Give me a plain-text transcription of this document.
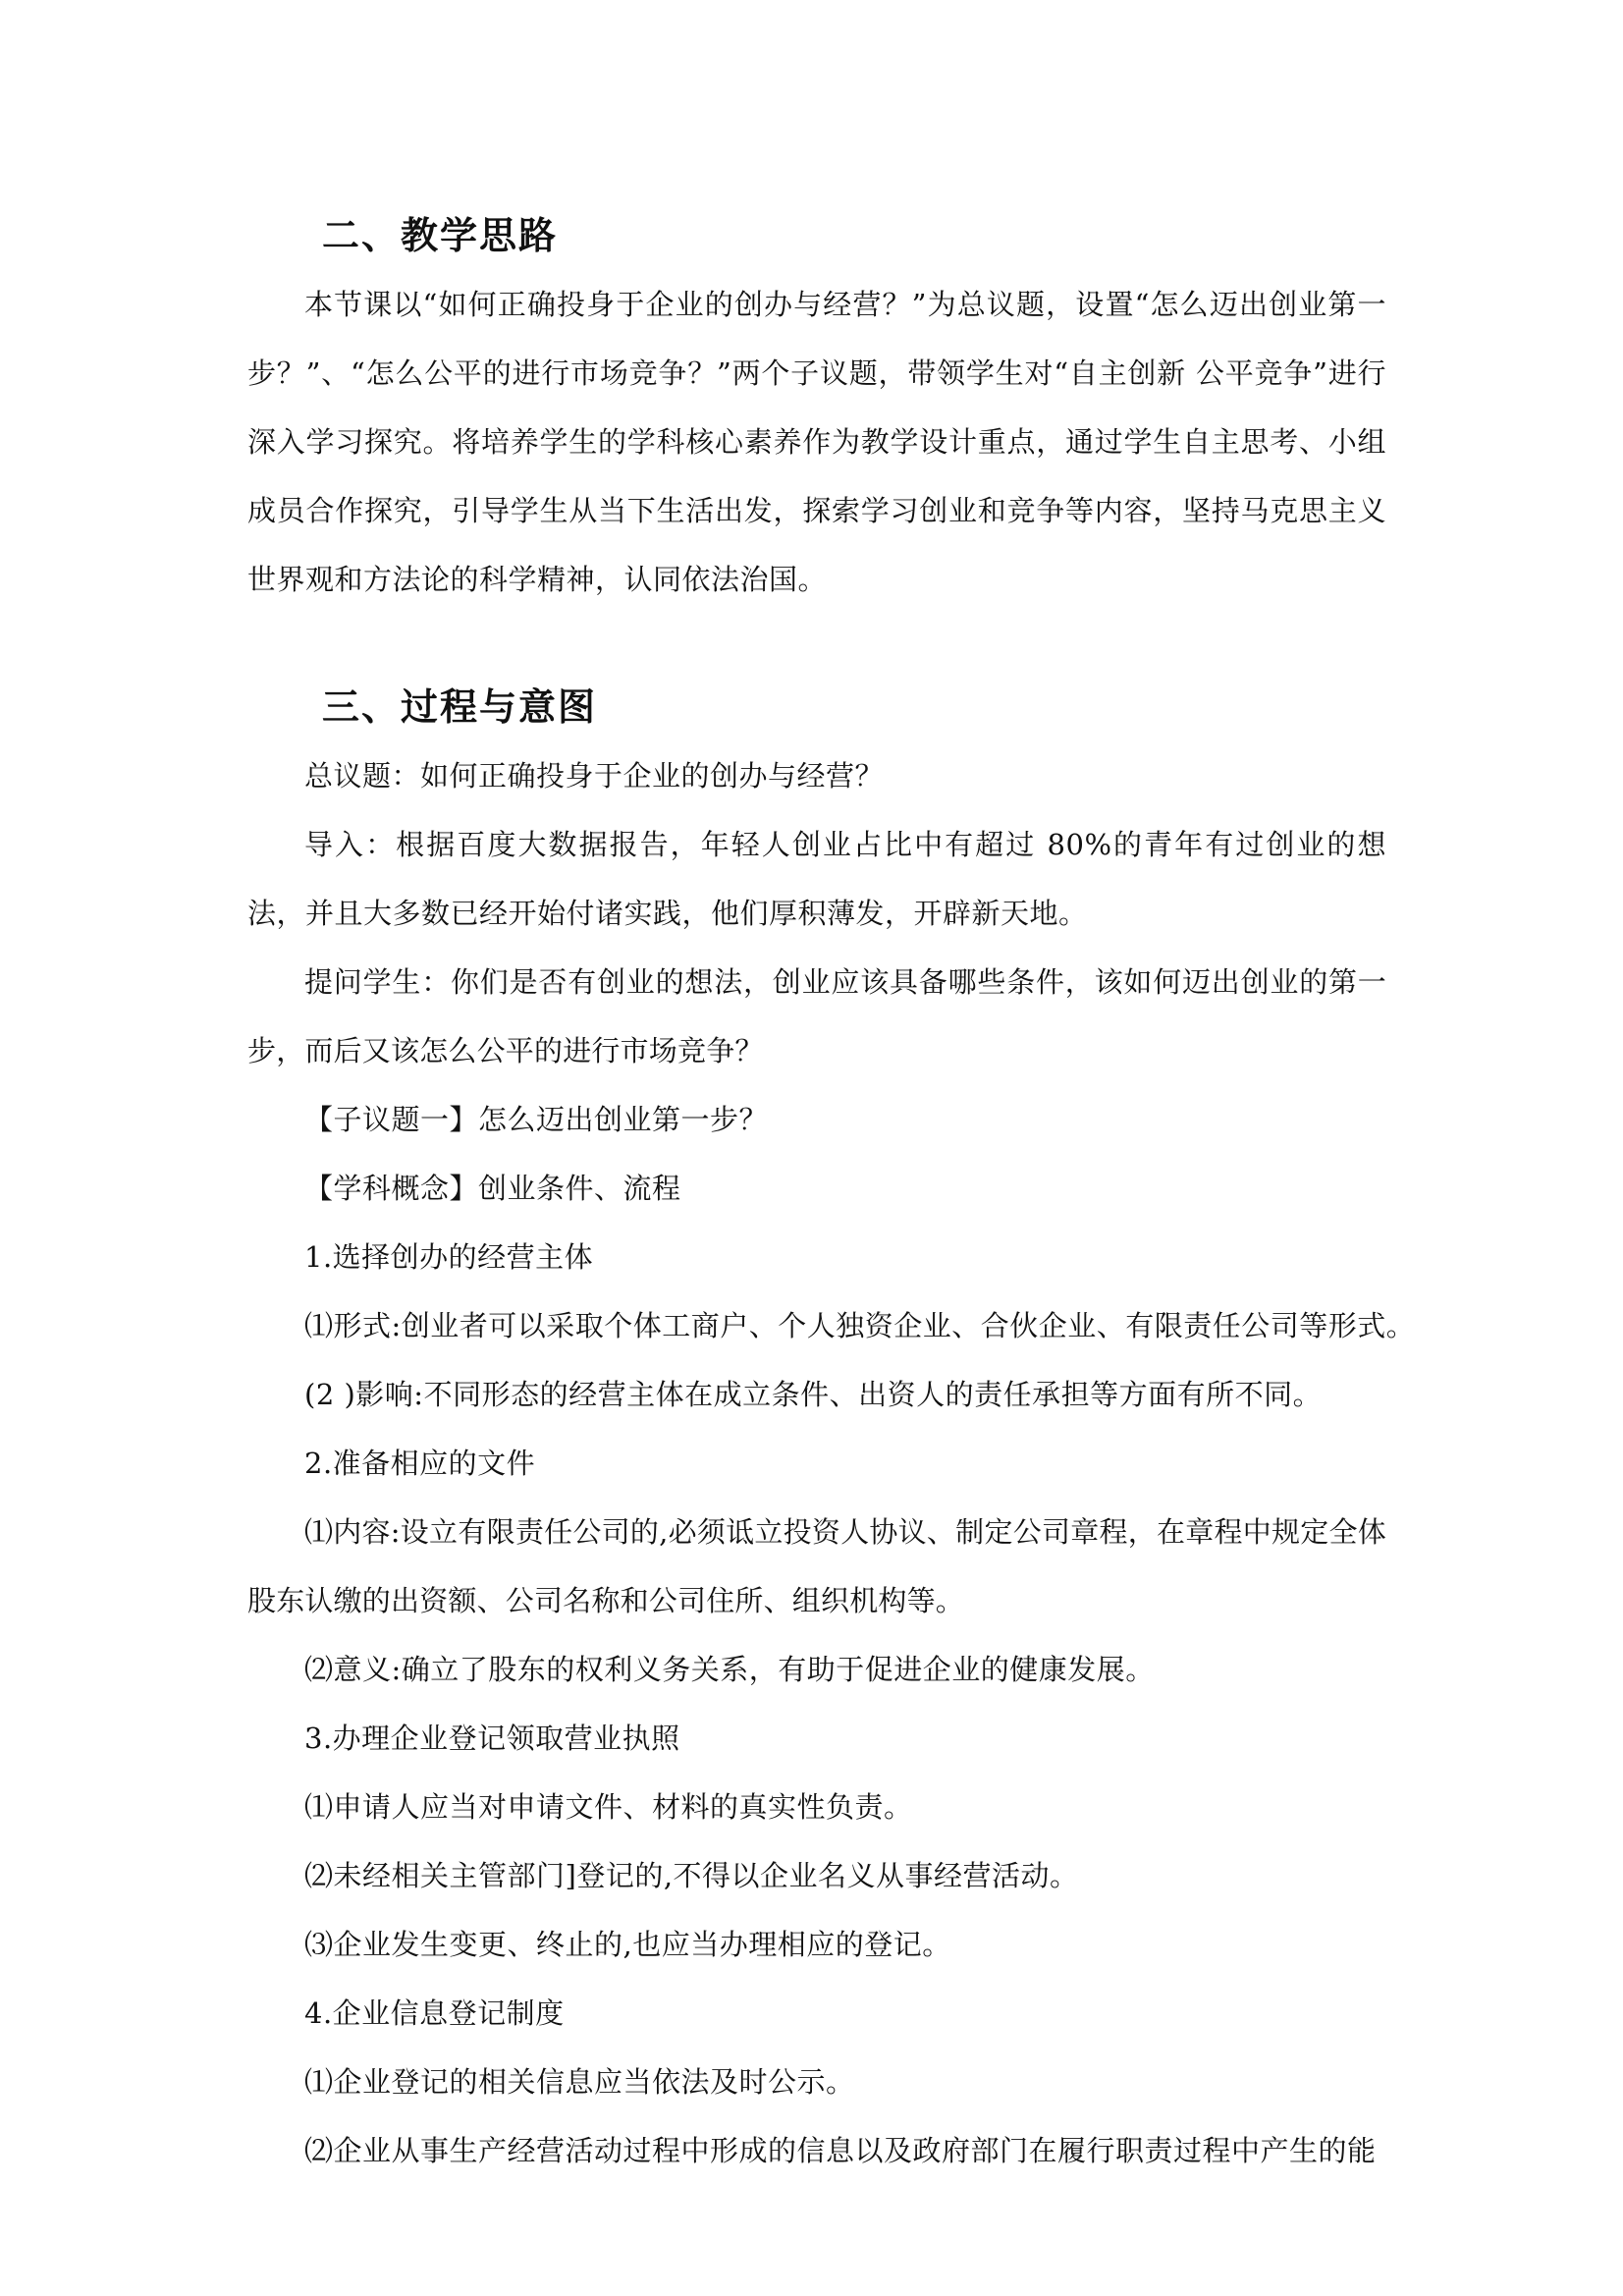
二、教学思路

本节课以“如何正确投身于企业的创办与经营？”为总议题，设置“怎么迈出创业第一步？”、“怎么公平的进行市场竞争？”两个子议题，带领学生对“自主创新 公平竞争”进行深入学习探究。将培养学生的学科核心素养作为教学设计重点，通过学生自主思考、小组成员合作探究，引导学生从当下生活出发，探索学习创业和竞争等内容，坚持马克思主义世界观和方法论的科学精神，认同依法治国。

三、过程与意图

总议题：如何正确投身于企业的创办与经营？

导入：根据百度大数据报告，年轻人创业占比中有超过 80%的青年有过创业的想法，并且大多数已经开始付诸实践，他们厚积薄发，开辟新天地。

提问学生：你们是否有创业的想法，创业应该具备哪些条件，该如何迈出创业的第一步，而后又该怎么公平的进行市场竞争？

【子议题一】怎么迈出创业第一步？

【学科概念】创业条件、流程

1.选择创办的经营主体

⑴形式:创业者可以采取个体工商户、个人独资企业、合伙企业、有限责任公司等形式。

(2 )影响:不同形态的经营主体在成立条件、出资人的责任承担等方面有所不同。

2.准备相应的文件

⑴内容:设立有限责任公司的,必须诋立投资人协议、制定公司章程，在章程中规定全体股东认缴的出资额、公司名称和公司住所、组织机构等。

⑵意义:确立了股东的权利义务关系，有助于促进企业的健康发展。

3.办理企业登记领取营业执照

⑴申请人应当对申请文件、材料的真实性负责。

⑵未经相关主管部门]登记的,不得以企业名义从事经营活动。

⑶企业发生变更、终止的,也应当办理相应的登记。

4.企业信息登记制度

⑴企业登记的相关信息应当依法及时公示。

⑵企业从事生产经营活动过程中形成的信息以及政府部门在履行职责过程中产生的能
